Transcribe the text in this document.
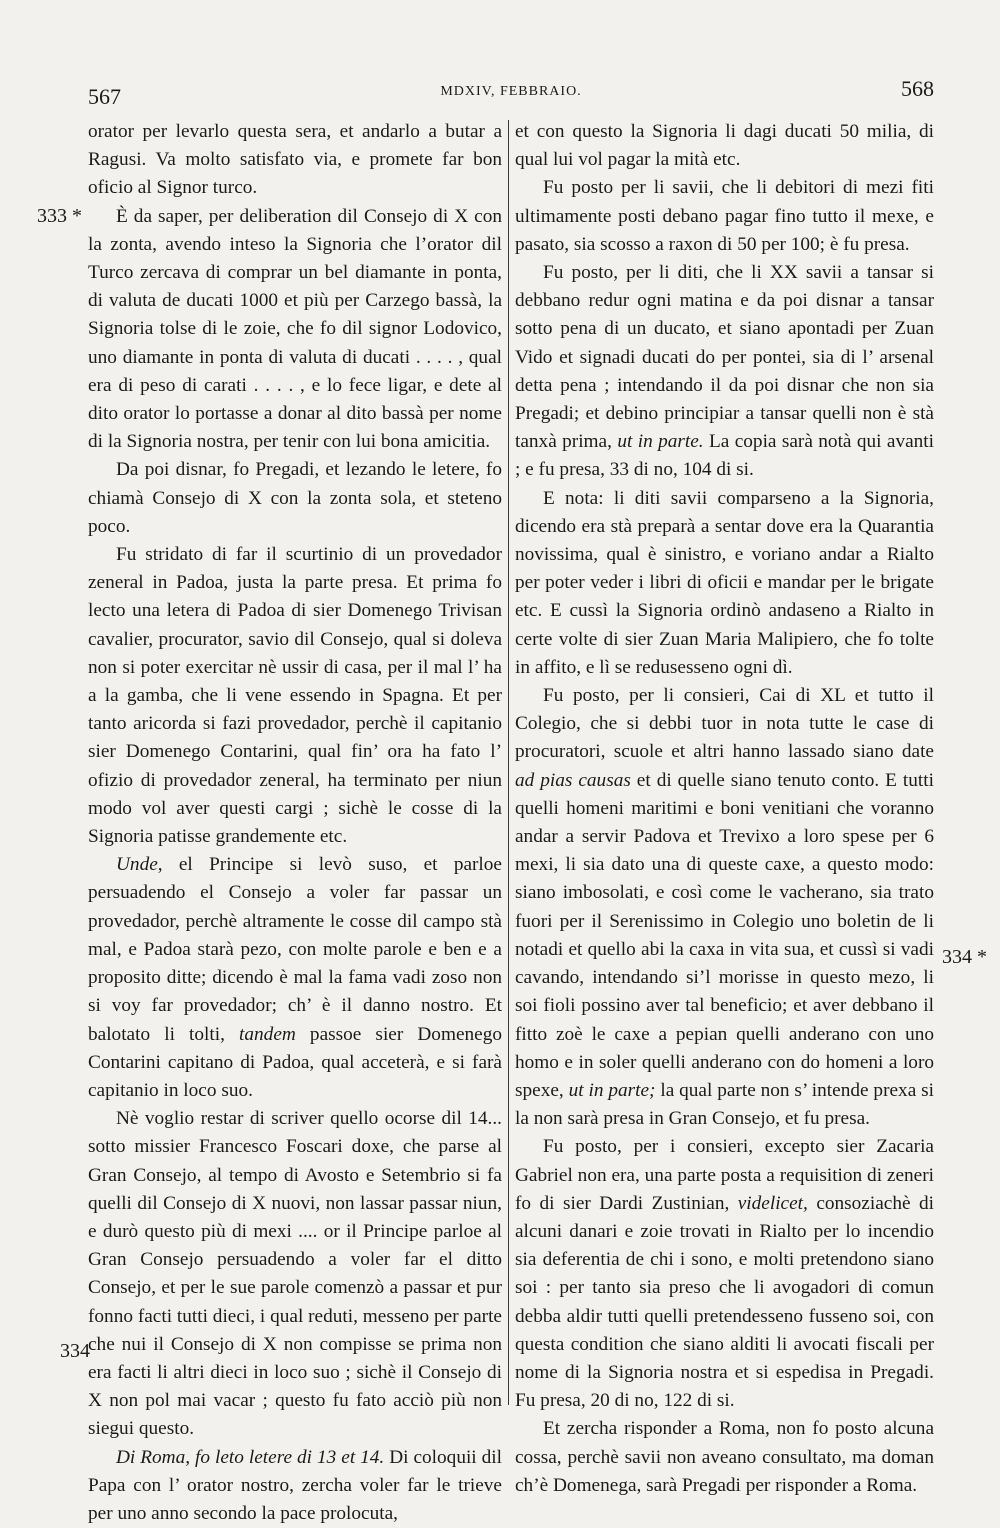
567	MDXIV, FEBBRAIO.	568
333 *
334
334 *

orator per levarlo questa sera, et andarlo a butar a Ragusi. Va molto satisfato via, e promete far bon oficio al Signor turco.

È da saper, per deliberation dil Consejo di X con la zonta, avendo inteso la Signoria che l’orator dil Turco zercava di comprar un bel diamante in ponta, di valuta de ducati 1000 et più per Carzego bassà, la Signoria tolse di le zoie, che fo dil signor Lodovico, uno diamante in ponta di valuta di ducati . . . . , qual era di peso di carati . . . . , e lo fece ligar, e dete al dito orator lo portasse a donar al dito bassà per nome di la Signoria nostra, per tenir con lui bona amicitia.

Da poi disnar, fo Pregadi, et lezando le letere, fo chiamà Consejo di X con la zonta sola, et steteno poco.

Fu stridato di far il scurtinio di un provedador zeneral in Padoa, justa la parte presa. Et prima fo lecto una letera di Padoa di sier Domenego Trivisan cavalier, procurator, savio dil Consejo, qual si doleva non si poter exercitar nè ussir di casa, per il mal l’ ha a la gamba, che li vene essendo in Spagna. Et per tanto aricorda si fazi provedador, perchè il capitanio sier Domenego Contarini, qual fin’ ora ha fato l’ ofizio di provedador zeneral, ha terminato per niun modo vol aver questi cargi ; sichè le cosse di la Signoria patisse grandemente etc.

Unde, el Principe si levò suso, et parloe persuadendo el Consejo a voler far passar un provedador, perchè altramente le cosse dil campo stà mal, e Padoa starà pezo, con molte parole e ben e a proposito ditte; dicendo è mal la fama vadi zoso non si voy far provedador; ch’ è il danno nostro. Et balotato li tolti, tandem passoe sier Domenego Contarini capitano di Padoa, qual acceterà, e si farà capitanio in loco suo.

Nè voglio restar di scriver quello ocorse dil 14... sotto missier Francesco Foscari doxe, che parse al Gran Consejo, al tempo di Avosto e Setembrio si fa quelli dil Consejo di X nuovi, non lassar passar niun, e durò questo più di mexi .... or il Principe parloe al Gran Consejo persuadendo a voler far el ditto Consejo, et per le sue parole comenzò a passar et pur fonno facti tutti dieci, i qual reduti, messeno per parte che nui il Consejo di X non compisse se prima non era facti li altri dieci in loco suo ; sichè il Consejo di X non pol mai vacar ; questo fu fato acciò più non siegui questo.

Di Roma, fo leto letere di 13 et 14. Di coloquii dil Papa con l’ orator nostro, zercha voler far le trieve per uno anno secondo la pace prolocuta,

et con questo la Signoria li dagi ducati 50 milia, di qual lui vol pagar la mità etc.

Fu posto per li savii, che li debitori di mezi fiti ultimamente posti debano pagar fino tutto il mexe, e pasato, sia scosso a raxon di 50 per 100; è fu presa.

Fu posto, per li diti, che li XX savii a tansar si debbano redur ogni matina e da poi disnar a tansar sotto pena di un ducato, et siano apontadi per Zuan Vido et signadi ducati do per pontei, sia di l’ arsenal detta pena ; intendando il da poi disnar che non sia Pregadi; et debino principiar a tansar quelli non è stà tanxà prima, ut in parte. La copia sarà notà qui avanti ; e fu presa, 33 di no, 104 di si.

E nota: li diti savii comparseno a la Signoria, dicendo era stà preparà a sentar dove era la Quarantia novissima, qual è sinistro, e voriano andar a Rialto per poter veder i libri di oficii e mandar per le brigate etc. E cussì la Signoria ordinò andaseno a Rialto in certe volte di sier Zuan Maria Malipiero, che fo tolte in affito, e lì se redusesseno ogni dì.

Fu posto, per li consieri, Cai di XL et tutto il Colegio, che si debbi tuor in nota tutte le case di procuratori, scuole et altri hanno lassado siano date ad pias causas et di quelle siano tenuto conto. E tutti quelli homeni maritimi e boni venitiani che voranno andar a servir Padova et Trevixo a loro spese per 6 mexi, li sia dato una di queste caxe, a questo modo: siano imbosolati, e così come le vacherano, sia trato fuori per il Serenissimo in Colegio uno boletin de li notadi et quello abi la caxa in vita sua, et cussì si vadi cavando, intendando si’l morisse in questo mezo, li soi fioli possino aver tal beneficio; et aver debbano il fitto zoè le caxe a pepian quelli anderano con uno homo e in soler quelli anderano con do homeni a loro spexe, ut in parte; la qual parte non s’ intende prexa si la non sarà presa in Gran Consejo, et fu presa.

Fu posto, per i consieri, excepto sier Zacaria Gabriel non era, una parte posta a requisition di zeneri fo di sier Dardi Zustinian, videlicet, consoziachè di alcuni danari e zoie trovati in Rialto per lo incendio sia deferentia de chi i sono, e molti pretendono siano soi : per tanto sia preso che li avogadori di comun debba aldir tutti quelli pretendesseno fusseno soi, con questa condition che siano alditi li avocati fiscali per nome di la Signoria nostra et si espedisa in Pregadi. Fu presa, 20 di no, 122 di si.

Et zercha risponder a Roma, non fo posto alcuna cossa, perchè savii non aveano consultato, ma doman ch’è Domenega, sarà Pregadi per risponder a Roma.
